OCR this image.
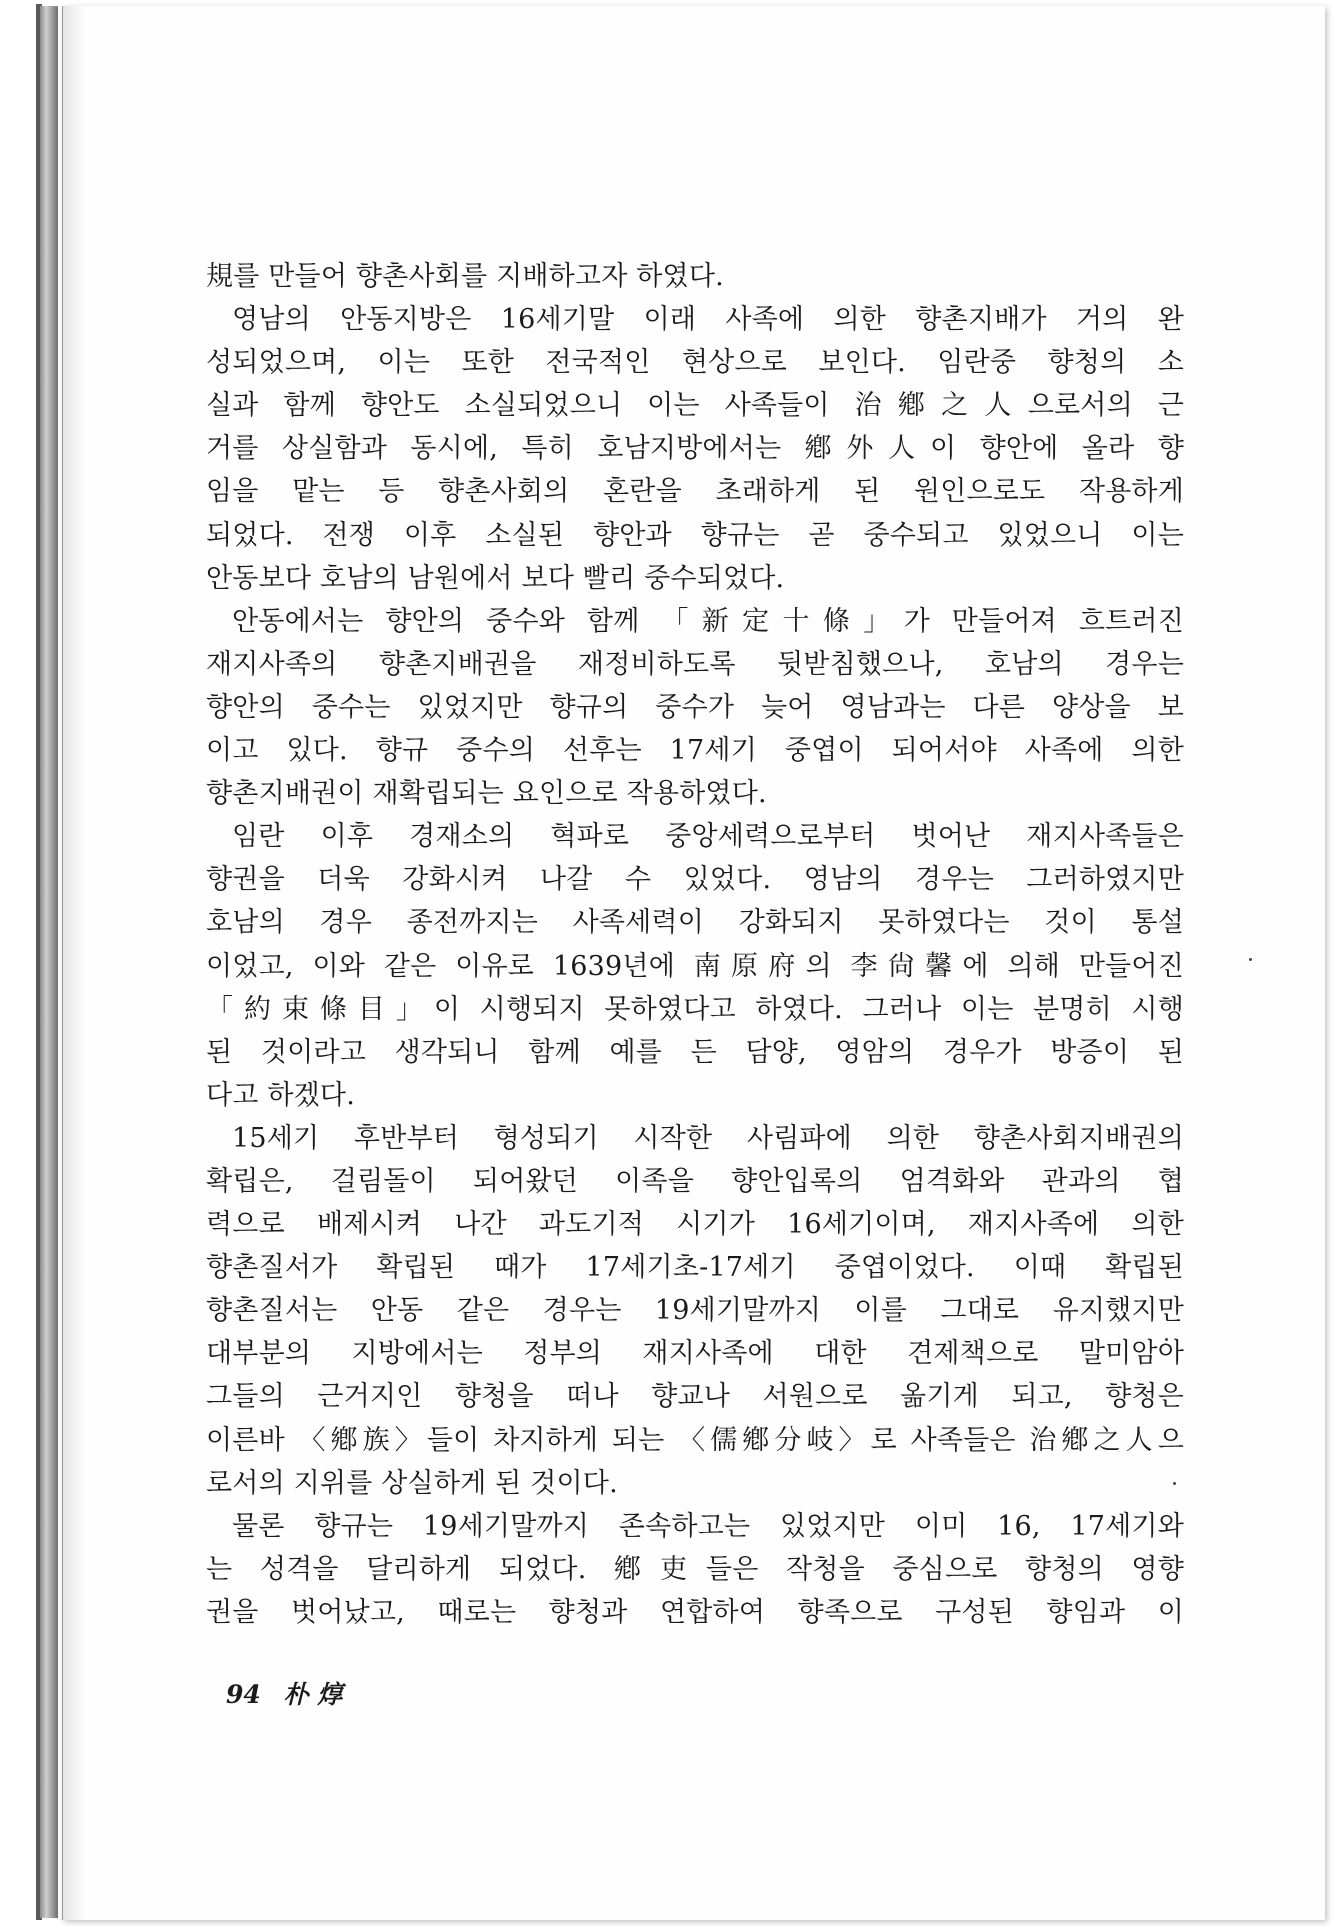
規를 만들어 향촌사회를 지배하고자 하였다.
영남의 안동지방은 16세기말 이래 사족에 의한 향촌지배가 거의 완
성되었으며, 이는 또한 전국적인 현상으로 보인다. 임란중 향청의 소
실과 함께 향안도 소실되었으니 이는 사족들이 治鄕之人으로서의 근
거를 상실함과 동시에, 특히 호남지방에서는 鄕外人이 향안에 올라 향
임을 맡는 등 향촌사회의 혼란을 초래하게 된 원인으로도 작용하게
되었다. 전쟁 이후 소실된 향안과 향규는 곧 중수되고 있었으니 이는
안동보다 호남의 남원에서 보다 빨리 중수되었다.
안동에서는 향안의 중수와 함께 「新定十條」가 만들어져 흐트러진
재지사족의 향촌지배권을 재정비하도록 뒷받침했으나, 호남의 경우는
향안의 중수는 있었지만 향규의 중수가 늦어 영남과는 다른 양상을 보
이고 있다. 향규 중수의 선후는 17세기 중엽이 되어서야 사족에 의한
향촌지배권이 재확립되는 요인으로 작용하였다.
임란 이후 경재소의 혁파로 중앙세력으로부터 벗어난 재지사족들은
향권을 더욱 강화시켜 나갈 수 있었다. 영남의 경우는 그러하였지만
호남의 경우 종전까지는 사족세력이 강화되지 못하였다는 것이 통설
이었고, 이와 같은 이유로 1639년에 南原府의 李尙馨에 의해 만들어진
「約束條目」이 시행되지 못하였다고 하였다. 그러나 이는 분명히 시행
된 것이라고 생각되니 함께 예를 든 담양, 영암의 경우가 방증이 된
다고 하겠다.
15세기 후반부터 형성되기 시작한 사림파에 의한 향촌사회지배권의
확립은, 걸림돌이 되어왔던 이족을 향안입록의 엄격화와 관과의 협
력으로 배제시켜 나간 과도기적 시기가 16세기이며, 재지사족에 의한
향촌질서가 확립된 때가 17세기초-17세기 중엽이었다. 이때 확립된
향촌질서는 안동 같은 경우는 19세기말까지 이를 그대로 유지했지만
대부분의 지방에서는 정부의 재지사족에 대한 견제책으로 말미암아
그들의 근거지인 향청을 떠나 향교나 서원으로 옮기게 되고, 향청은
이른바 〈鄕族〉들이 차지하게 되는 〈儒鄕分岐〉로 사족들은 治鄕之人으
로서의 지위를 상실하게 된 것이다.
물론 향규는 19세기말까지 존속하고는 있었지만 이미 16, 17세기와
는 성격을 달리하게 되었다. 鄕吏들은 작청을 중심으로 향청의 영향
권을 벗어났고, 때로는 향청과 연합하여 향족으로 구성된 향임과 이
94 朴 焞
